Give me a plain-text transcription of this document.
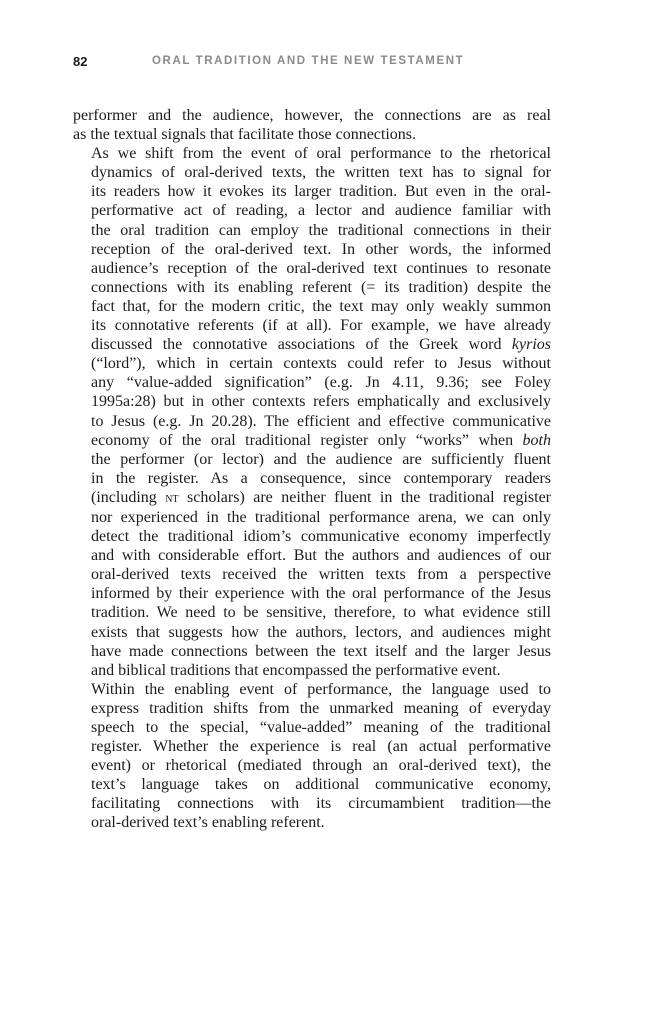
82	ORAL TRADITION AND THE NEW TESTAMENT
performer and the audience, however, the connections are as real
as the textual signals that facilitate those connections.
As we shift from the event of oral performance to the rhetorical
dynamics of oral-derived texts, the written text has to signal for
its readers how it evokes its larger tradition. But even in the oral-
performative act of reading, a lector and audience familiar with
the oral tradition can employ the traditional connections in their
reception of the oral-derived text. In other words, the informed
audience’s reception of the oral-derived text continues to resonate
connections with its enabling referent (= its tradition) despite the
fact that, for the modern critic, the text may only weakly summon
its connotative referents (if at all). For example, we have already
discussed the connotative associations of the Greek word kyrios
(“lord”), which in certain contexts could refer to Jesus without
any “value-added signification” (e.g. Jn 4.11, 9.36; see Foley
1995a:28) but in other contexts refers emphatically and exclusively
to Jesus (e.g. Jn 20.28). The efficient and effective communicative
economy of the oral traditional register only “works” when both
the performer (or lector) and the audience are sufficiently fluent
in the register. As a consequence, since contemporary readers
(including nt scholars) are neither fluent in the traditional register
nor experienced in the traditional performance arena, we can only
detect the traditional idiom’s communicative economy imperfectly
and with considerable effort. But the authors and audiences of our
oral-derived texts received the written texts from a perspective
informed by their experience with the oral performance of the Jesus
tradition. We need to be sensitive, therefore, to what evidence still
exists that suggests how the authors, lectors, and audiences might
have made connections between the text itself and the larger Jesus
and biblical traditions that encompassed the performative event.
Within the enabling event of performance, the language used to
express tradition shifts from the unmarked meaning of everyday
speech to the special, “value-added” meaning of the traditional
register. Whether the experience is real (an actual performative
event) or rhetorical (mediated through an oral-derived text), the
text’s language takes on additional communicative economy,
facilitating connections with its circumambient tradition—the
oral-derived text’s enabling referent.
